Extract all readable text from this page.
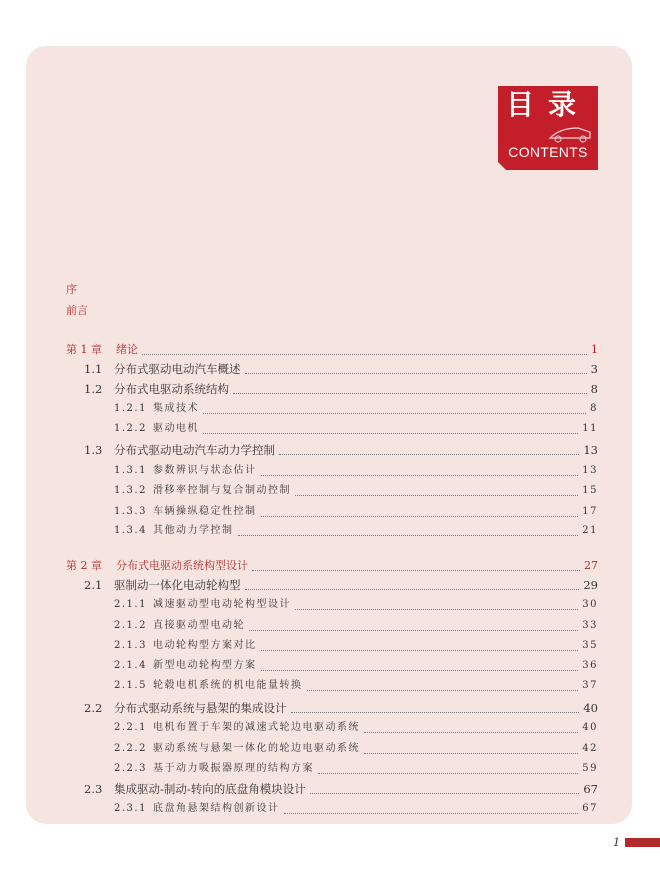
目录
CONTENTS
序
前言
第 1 章 绪论	1
1.1 分布式驱动电动汽车概述	3
1.2 分布式电驱动系统结构	8
1.2.1 集成技术	8
1.2.2 驱动电机	11
1.3 分布式驱动电动汽车动力学控制	13
1.3.1 参数辨识与状态估计	13
1.3.2 滑移率控制与复合制动控制	15
1.3.3 车辆操纵稳定性控制	17
1.3.4 其他动力学控制	21
第 2 章 分布式电驱动系统构型设计	27
2.1 驱制动一体化电动轮构型	29
2.1.1 减速驱动型电动轮构型设计	30
2.1.2 直接驱动型电动轮	33
2.1.3 电动轮构型方案对比	35
2.1.4 新型电动轮构型方案	36
2.1.5 轮毂电机系统的机电能量转换	37
2.2 分布式驱动系统与悬架的集成设计	40
2.2.1 电机布置于车架的减速式轮边电驱动系统	40
2.2.2 驱动系统与悬架一体化的轮边电驱动系统	42
2.2.3 基于动力吸振器原理的结构方案	59
2.3 集成驱动-制动-转向的底盘角模块设计	67
2.3.1 底盘角悬架结构创新设计	67
1
